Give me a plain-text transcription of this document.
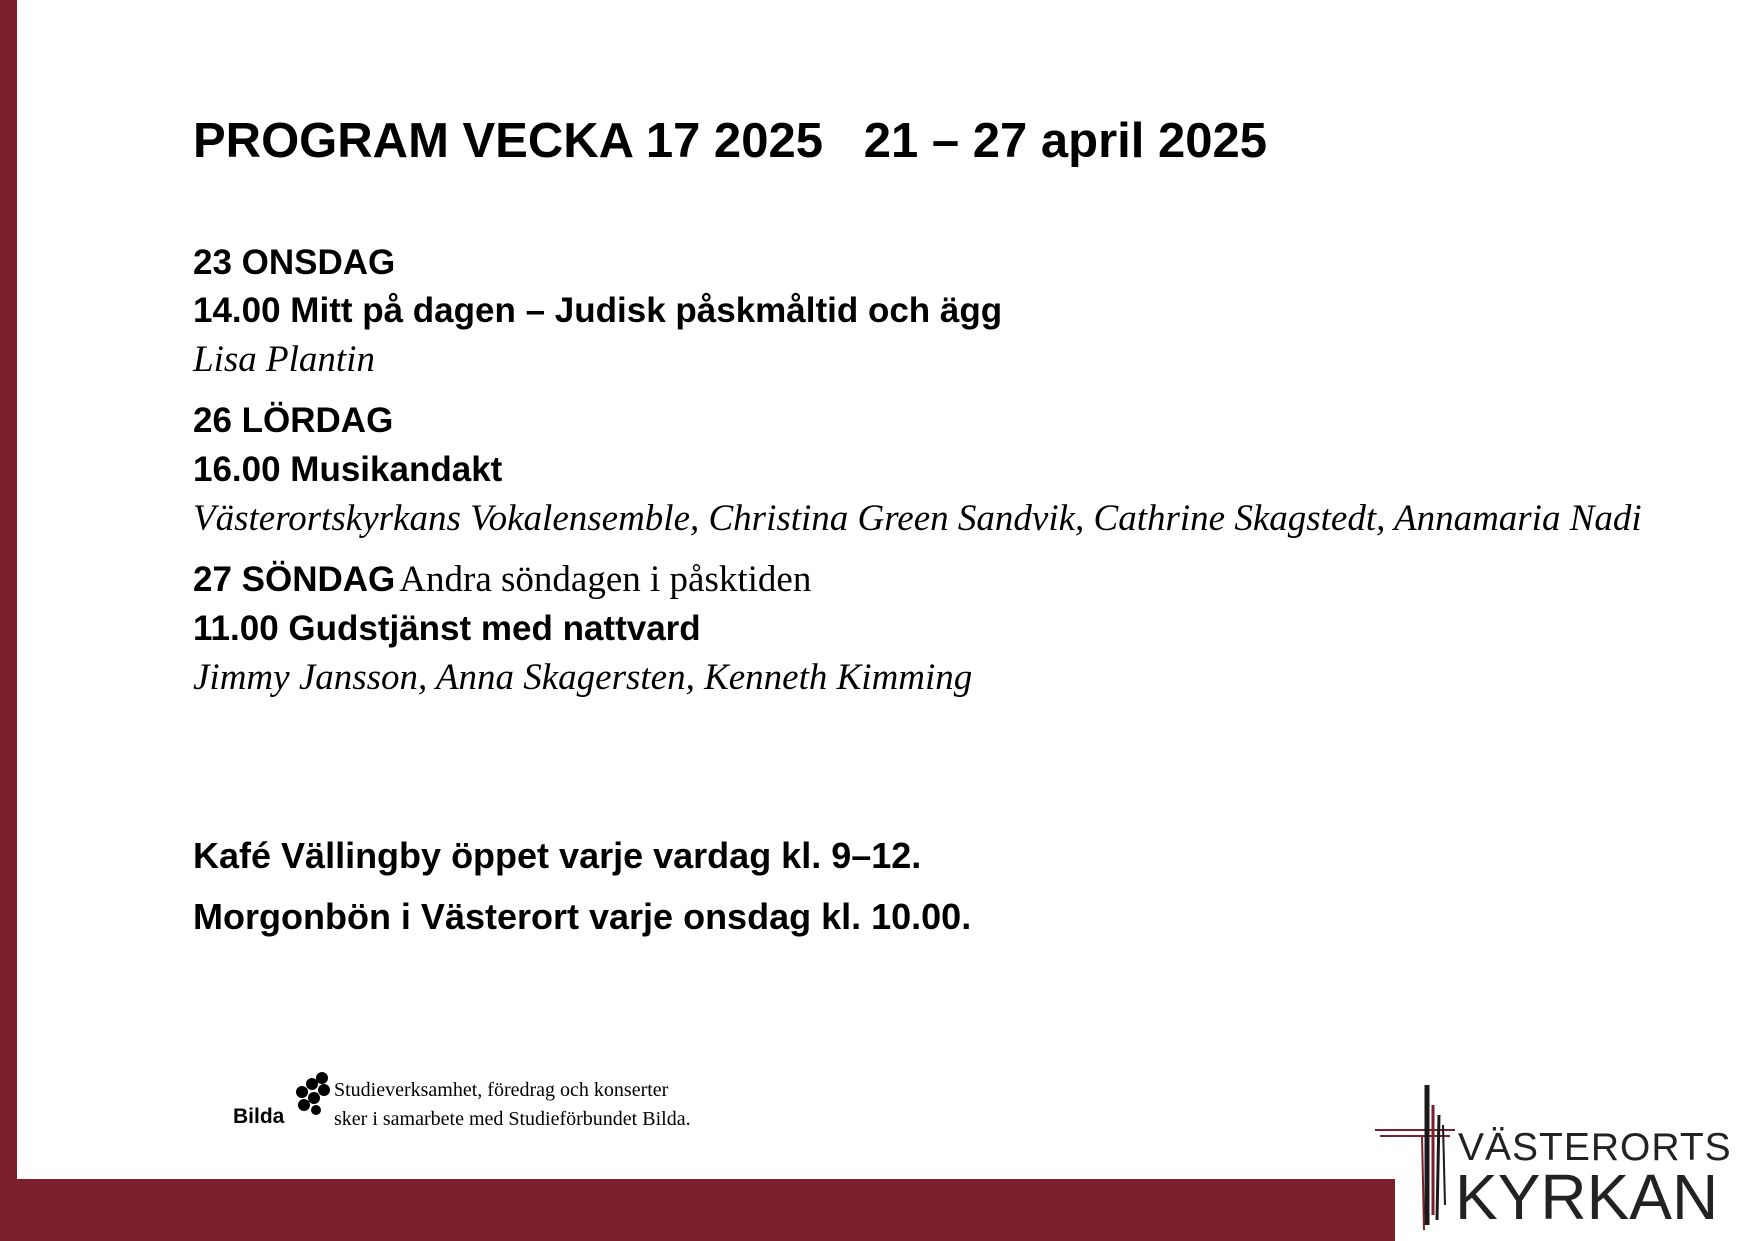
PROGRAM VECKA 17 2025   21 – 27 april 2025
23 ONSDAG
14.00 Mitt på dagen – Judisk påskmåltid och ägg
Lisa Plantin
26 LÖRDAG
16.00 Musikandakt
Västerortskyrkans Vokalensemble, Christina Green Sandvik, Cathrine Skagstedt, Annamaria Nadi
27 SÖNDAG Andra söndagen i påsktiden
11.00 Gudstjänst med nattvard
Jimmy Jansson, Anna Skagersten, Kenneth Kimming
Kafé Vällingby öppet varje vardag kl. 9–12.
Morgonbön i Västerort varje onsdag kl. 10.00.
Bilda
Studieverksamhet, föredrag och konserter
sker i samarbete med Studieförbundet Bilda.
VÄSTERORTS
KYRKAN
